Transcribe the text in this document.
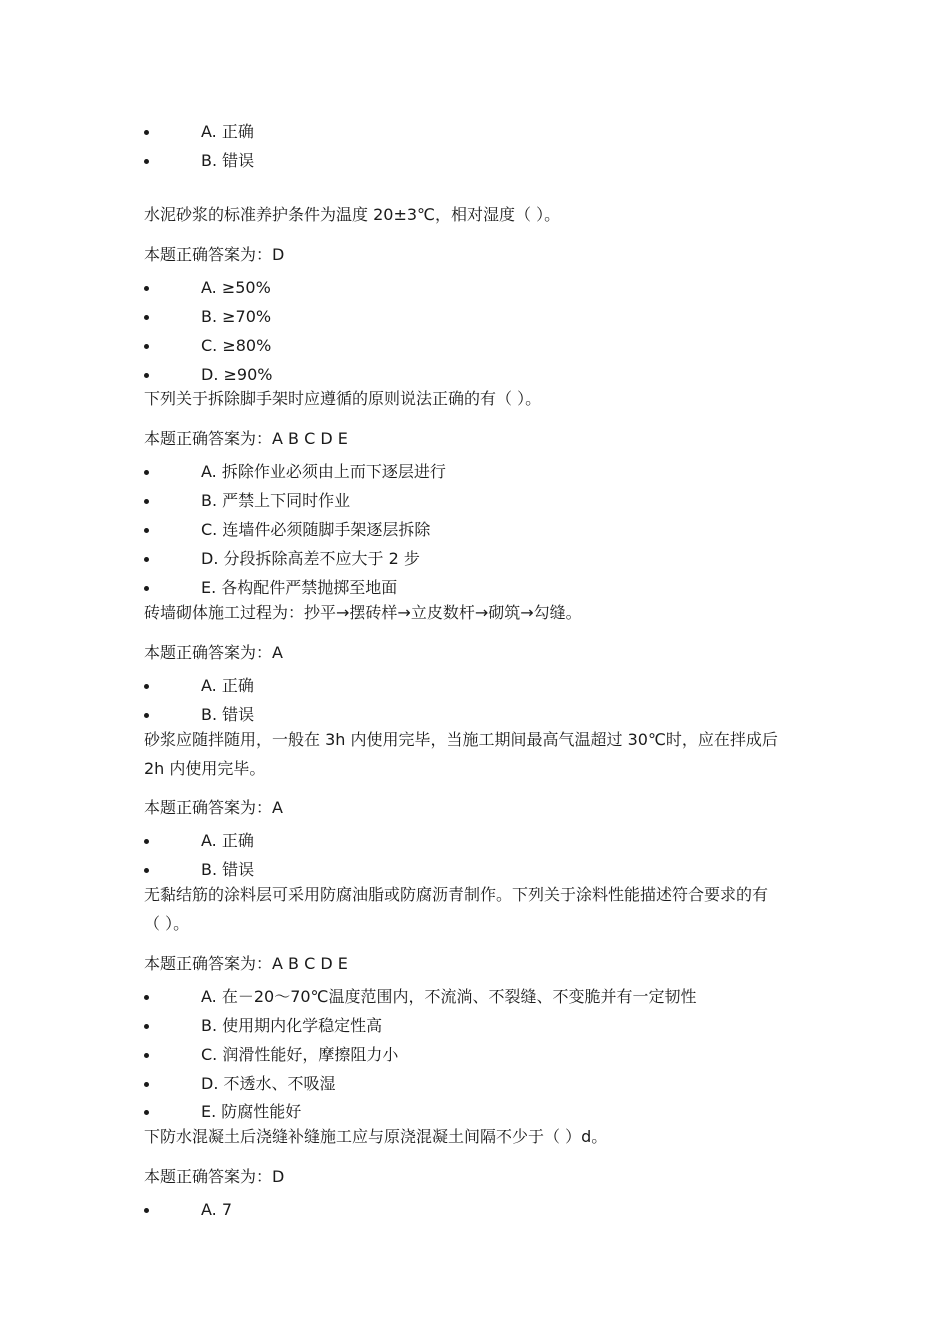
A. 正确
B. 错误
水泥砂浆的标准养护条件为温度 20±3℃，相对湿度（ ）。
本题正确答案为：D
A. ≥50%
B. ≥70%
C. ≥80%
D. ≥90%
下列关于拆除脚手架时应遵循的原则说法正确的有（ ）。
本题正确答案为：A B C D E
A. 拆除作业必须由上而下逐层进行
B. 严禁上下同时作业
C. 连墙件必须随脚手架逐层拆除
D. 分段拆除高差不应大于 2 步
E. 各构配件严禁抛掷至地面
砖墙砌体施工过程为：抄平→摆砖样→立皮数杆→砌筑→勾缝。
本题正确答案为：A
A. 正确
B. 错误
砂浆应随拌随用，一般在 3h 内使用完毕，当施工期间最高气温超过 30℃时，应在拌成后
2h 内使用完毕。
本题正确答案为：A
A. 正确
B. 错误
无黏结筋的涂料层可采用防腐油脂或防腐沥青制作。下列关于涂料性能描述符合要求的有
（ ）。
本题正确答案为：A B C D E
A. 在－20～70℃温度范围内，不流淌、不裂缝、不变脆并有一定韧性
B. 使用期内化学稳定性高
C. 润滑性能好，摩擦阻力小
D. 不透水、不吸湿
E. 防腐性能好
下防水混凝土后浇缝补缝施工应与原浇混凝土间隔不少于（ ）d。
本题正确答案为：D
A. 7
